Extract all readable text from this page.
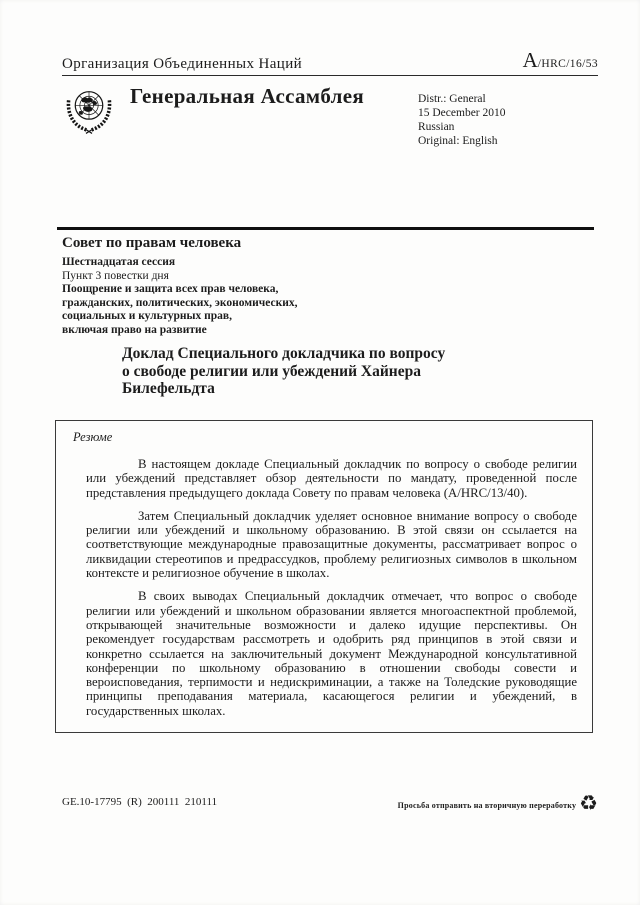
Организация Объединенных Наций	A/HRC/16/53
Генеральная Ассамблея	Distr.: General
15 December 2010
Russian
Original: English
Совет по правам человека
Шестнадцатая сессия
Пункт 3 повестки дня
Поощрение и защита всех прав человека,
гражданских, политических, экономических,
социальных и культурных прав,
включая право на развитие
Доклад Специального докладчика по вопросу
о свободе религии или убеждений Хайнера
Билефельдта
Резюме

В настоящем докладе Специальный докладчик по вопросу о свободе религии или убеждений представляет обзор деятельности по мандату, проведенной после представления предыдущего доклада Совету по правам человека (A/HRC/13/40).

Затем Специальный докладчик уделяет основное внимание вопросу о свободе религии или убеждений и школьному образованию. В этой связи он ссылается на соответствующие международные правозащитные документы, рассматривает вопрос о ликвидации стереотипов и предрассудков, проблему религиозных символов в школьном контексте и религиозное обучение в школах.

В своих выводах Специальный докладчик отмечает, что вопрос о свободе религии или убеждений и школьном образовании является многоаспектной проблемой, открывающей значительные возможности и далеко идущие перспективы. Он рекомендует государствам рассмотреть и одобрить ряд принципов в этой связи и конкретно ссылается на заключительный документ Международной консультативной конференции по школьному образованию в отношении свободы совести и вероисповедания, терпимости и недискриминации, а также на Толедские руководящие принципы преподавания материала, касающегося религии и убеждений, в государственных школах.

GE.10-17795  (R)  200111  210111	Просьба отправить на вторичную переработку ♻
